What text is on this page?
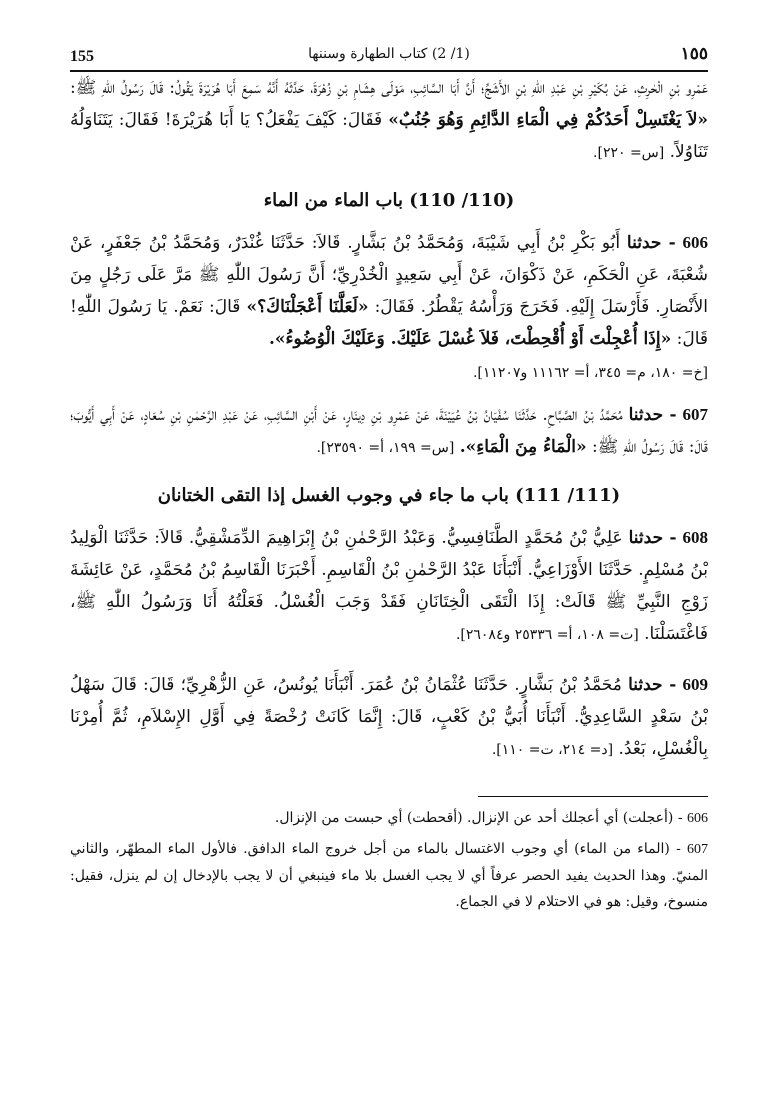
155	(1/ 2) كتاب الطهارة وسننها	١٥٥

عَمْرِو بْنِ الْحٰرِثِ، عَنْ بُكَيْرِ بْنِ عَبْدِ اللّٰهِ بْنِ الأَشَجِّ؛ أَنَّ أَبَا السَّائِبِ، مَوْلَى هِشَامِ بْنِ زُهْرَةَ، حَدَّثَهُ أَنَّهُ سَمِعَ أَبَا هُرَيْرَةَ يَقُولُ: قَالَ رَسُولُ اللّٰهِ ﷺ: «لاَ يَغْتَسِلْ أَحَدُكُمْ فِي الْمَاءِ الدَّائِمِ وَهُوَ جُنُبٌ» فَقَالَ: كَيْفَ يَفْعَلُ؟ يَا أَبَا هُرَيْرَةَ! فَقَالَ: يَتَنَاوَلُهُ تَنَاوُلاً. [س= ٢٢٠].

(110/ 110) باب الماء من الماء

606 - حدثنا أَبُو بَكْرِ بْنُ أَبِي شَيْبَةَ، وَمُحَمَّدُ بْنُ بَشَّارٍ. قَالاَ: حَدَّثَنَا غُنْدَرٌ، وَمُحَمَّدُ بْنُ جَعْفَرٍ، عَنْ شُعْبَةَ، عَنِ الْحَكَمِ، عَنْ ذَكْوَانَ، عَنْ أَبِي سَعِيدٍ الْخُدْرِيِّ؛ أَنَّ رَسُولَ اللّٰهِ ﷺ مَرَّ عَلَى رَجُلٍ مِنَ الأَنْصَارِ. فَأَرْسَلَ إِلَيْهِ. فَخَرَجَ وَرَأْسُهُ يَقْطُرُ. فَقَالَ: «لَعَلَّنَا أَعْجَلْنَاكَ؟» قَالَ: نَعَمْ. يَا رَسُولَ اللّٰهِ! قَالَ: «إِذَا أُعْجِلْتَ أَوْ أُقْحِطْتَ، فَلاَ غُسْلَ عَلَيْكَ. وَعَلَيْكَ الْوُضُوءُ».

[خ= ١٨٠، م= ٣٤٥، أ= ١١١٦٢ و١١٢٠٧].

607 - حدثنا مُحَمَّدُ بْنُ الصَّبَّاحِ. حَدَّثَنَا سُفْيَانُ بْنُ عُيَيْنَةَ، عَنْ عَمْرِو بْنِ دِينَارٍ، عَنْ أَبْنِ السَّائِبِ، عَنْ عَبْدِ الرَّحْمٰنِ بْنِ سُعَادٍ، عَنْ أَبِي أَيُّوبَ؛ قَالَ: قَالَ رَسُولُ اللّٰهِ ﷺ: «الْمَاءُ مِنَ الْمَاءِ». [س= ١٩٩، أ= ٢٣٥٩٠].

(111/ 111) باب ما جاء في وجوب الغسل إذا التقى الختانان

608 - حدثنا عَلِيُّ بْنُ مُحَمَّدٍ الطَّنَافِسِيُّ. وَعَبْدُ الرَّحْمٰنِ بْنُ إِبْرَاهِيمَ الدِّمَشْقِيُّ. قَالاَ: حَدَّثَنَا الْوَلِيدُ بْنُ مُسْلِمٍ. حَدَّثَنَا الأَوْزَاعِيُّ. أَنْبَأَنَا عَبْدُ الرَّحْمٰنِ بْنُ الْقَاسِمِ. أَخْبَرَنَا الْقَاسِمُ بْنُ مُحَمَّدٍ، عَنْ عَائِشَةَ زَوْجِ النَّبِيِّ ﷺ قَالَتْ: إِذَا الْتَقَى الْخِتَانَانِ فَقَدْ وَجَبَ الْغُسْلُ. فَعَلْتُهُ أَنَا وَرَسُولُ اللّٰهِ ﷺ، فَاغْتَسَلْنَا. [ت= ١٠٨، أ= ٢٥٣٣٦ و٢٦٠٨٤].

609 - حدثنا مُحَمَّدُ بْنُ بَشَّارٍ. حَدَّثَنَا عُثْمَانُ بْنُ عُمَرَ. أَنْبَأَنَا يُونُسُ، عَنِ الزُّهْرِيِّ؛ قَالَ: قَالَ سَهْلُ بْنُ سَعْدٍ السَّاعِدِيُّ. أَنْبَأَنَا أُبَيُّ بْنُ كَعْبٍ، قَالَ: إِنَّمَا كَانَتْ رُخْصَةً فِي أَوَّلِ الإِسْلاَمِ، ثُمَّ أُمِرْنَا بِالْغُسْلِ، بَعْدُ. [د= ٢١٤، ت= ١١٠].

606 - (أعجلت) أي أعجلك أحد عن الإنزال. (أقحطت) أي حبست من الإنزال.

607 - (الماء من الماء) أي وجوب الاغتسال بالماء من أجل خروج الماء الدافق. فالأول الماء المطهّر، والثاني المنيّ. وهذا الحديث يفيد الحصر عرفاً أي لا يجب الغسل بلا ماء فينبغي أن لا يجب بالإدخال إن لم ينزل، فقيل: منسوخ، وقيل: هو في الاحتلام لا في الجماع.
